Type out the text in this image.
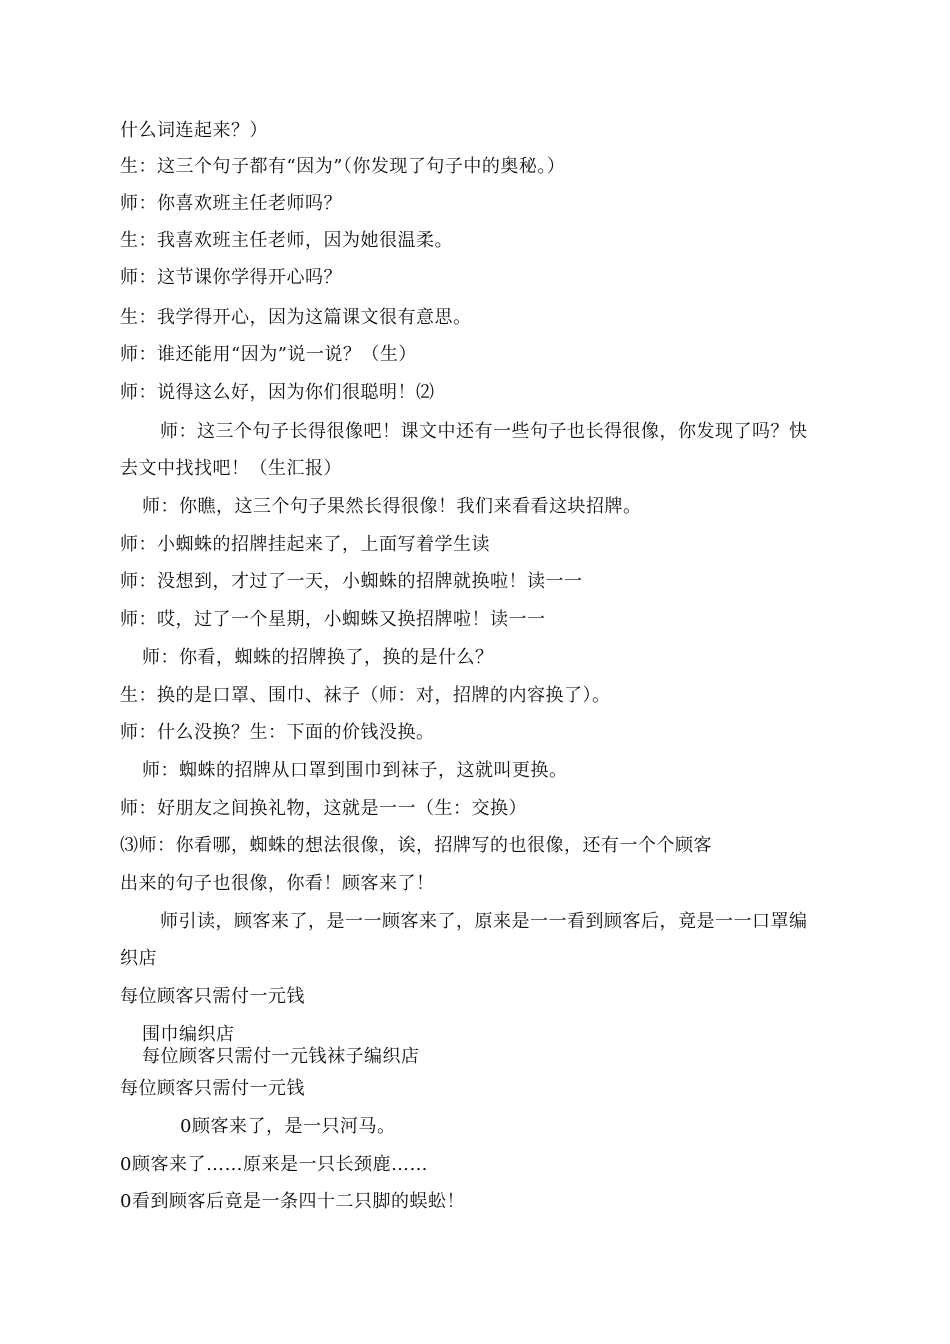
什么词连起来？）
生：这三个句子都有“因为”（你发现了句子中的奥秘。）
师：你喜欢班主任老师吗？
生：我喜欢班主任老师，因为她很温柔。
师：这节课你学得开心吗？
生：我学得开心，因为这篇课文很有意思。
师：谁还能用“因为”说一说？（生）
师：说得这么好，因为你们很聪明！⑵
师：这三个句子长得很像吧！课文中还有一些句子也长得很像，你发现了吗？快
去文中找找吧！（生汇报）
师：你瞧，这三个句子果然长得很像！我们来看看这块招牌。
师：小蜘蛛的招牌挂起来了，上面写着学生读
师：没想到，才过了一天，小蜘蛛的招牌就换啦！读一一
师：哎，过了一个星期，小蜘蛛又换招牌啦！读一一
师：你看，蜘蛛的招牌换了，换的是什么？
生：换的是口罩、围巾、袜子（师：对，招牌的内容换了）。
师：什么没换？生：下面的价钱没换。
师：蜘蛛的招牌从口罩到围巾到袜子，这就叫更换。
师：好朋友之间换礼物，这就是一一（生：交换）
⑶师：你看哪，蜘蛛的想法很像，诶，招牌写的也很像，还有一个个顾客
出来的句子也很像，你看！顾客来了！
师引读，顾客来了，是一一顾客来了，原来是一一看到顾客后，竟是一一口罩编
织店
每位顾客只需付一元钱
围巾编织店
每位顾客只需付一元钱袜子编织店
每位顾客只需付一元钱
0顾客来了，是一只河马。
0顾客来了……原来是一只长颈鹿……
0看到顾客后竟是一条四十二只脚的蜈蚣！
